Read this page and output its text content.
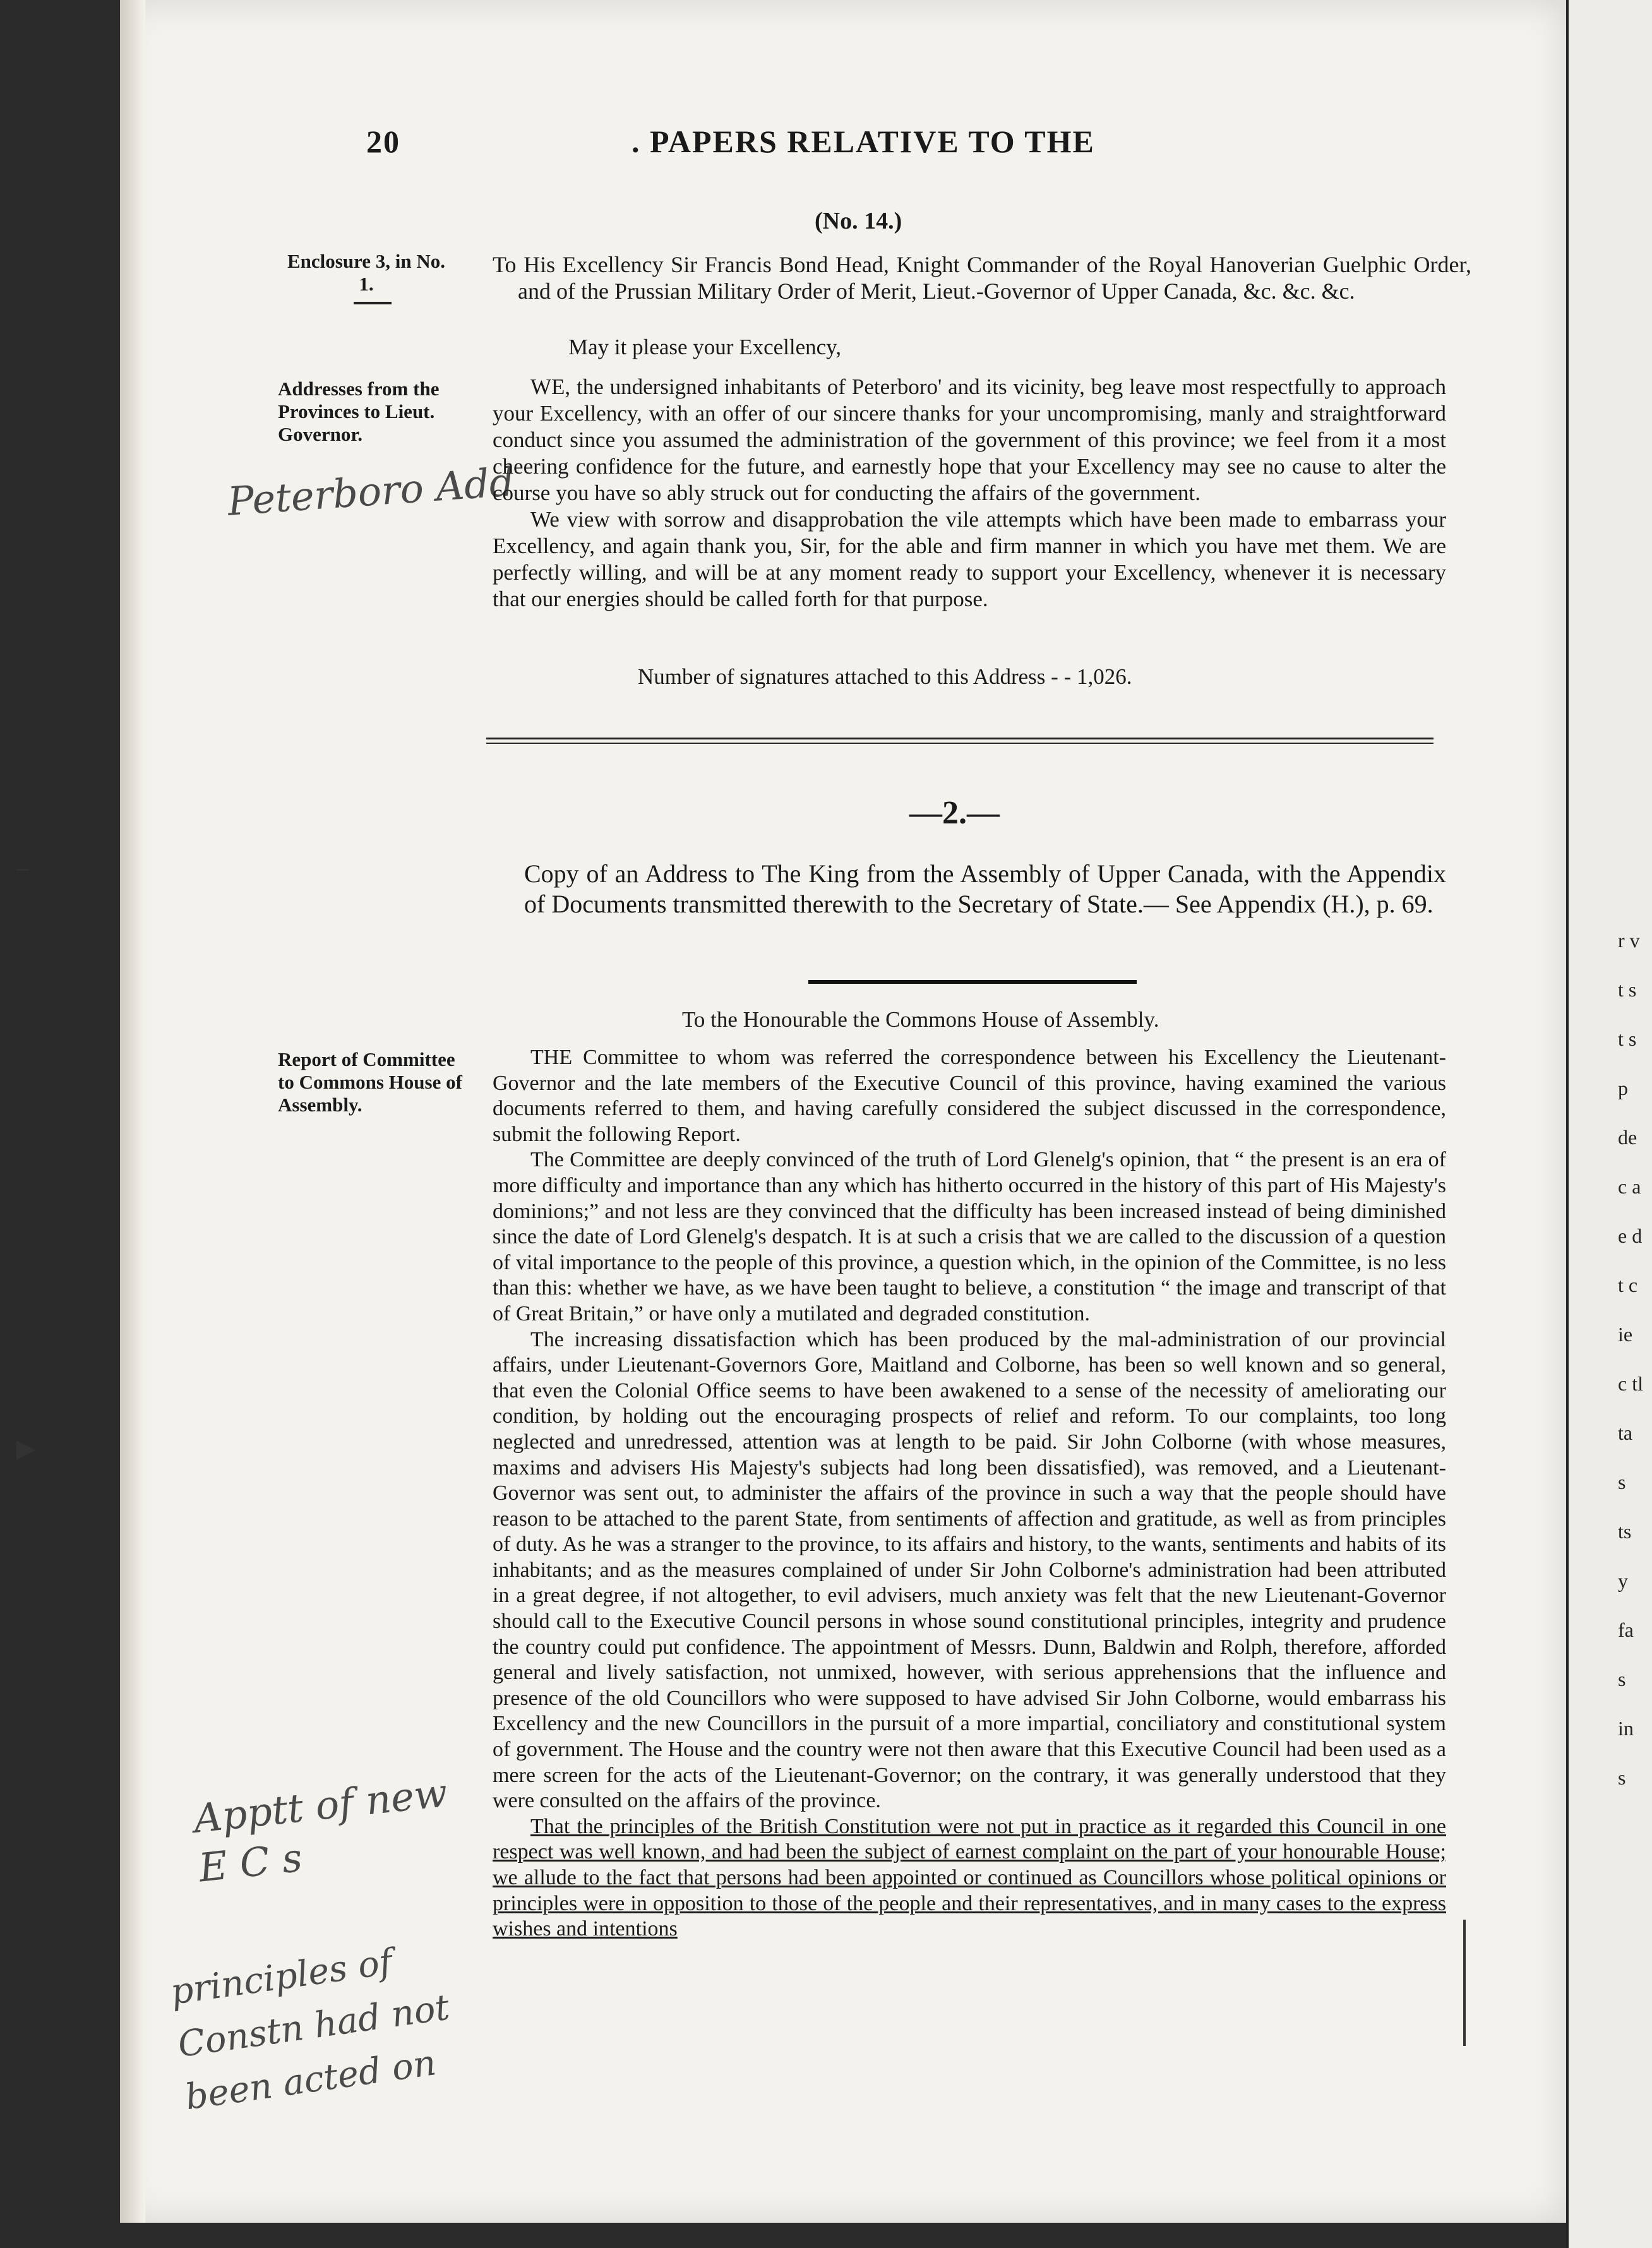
–
▶
r v t s t s p de c a e d t c ie c tl ta s ts y fa s in s
20	. PAPERS RELATIVE TO THE
(No. 14.)
Enclosure 3, in No. 1.
Addresses from the Provinces to Lieut. Governor.
Peterboro Add
To His Excellency Sir Francis Bond Head, Knight Commander of the Royal Hanoverian Guelphic Order, and of the Prussian Military Order of Merit, Lieut.-Governor of Upper Canada, &c. &c. &c.
May it please your Excellency,

WE, the undersigned inhabitants of Peterboro' and its vicinity, beg leave most respectfully to approach your Excellency, with an offer of our sincere thanks for your uncompromising, manly and straightforward conduct since you assumed the administration of the government of this province; we feel from it a most cheering confidence for the future, and earnestly hope that your Excellency may see no cause to alter the course you have so ably struck out for conducting the affairs of the government.

We view with sorrow and disapprobation the vile attempts which have been made to embarrass your Excellency, and again thank you, Sir, for the able and firm manner in which you have met them. We are perfectly willing, and will be at any moment ready to support your Excellency, whenever it is necessary that our energies should be called forth for that purpose.

Number of signatures attached to this Address - - 1,026.
—2.—
Copy of an Address to The King from the Assembly of Upper Canada, with the Appendix of Documents transmitted therewith to the Secretary of State.— See Appendix (H.), p. 69.
To the Honourable the Commons House of Assembly.
Report of Committee to Commons House of Assembly.

THE Committee to whom was referred the correspondence between his Excellency the Lieutenant-Governor and the late members of the Executive Council of this province, having examined the various documents referred to them, and having carefully considered the subject discussed in the correspondence, submit the following Report.

The Committee are deeply convinced of the truth of Lord Glenelg's opinion, that “ the present is an era of more difficulty and importance than any which has hitherto occurred in the history of this part of His Majesty's dominions;” and not less are they convinced that the difficulty has been increased instead of being diminished since the date of Lord Glenelg's despatch. It is at such a crisis that we are called to the discussion of a question of vital importance to the people of this province, a question which, in the opinion of the Committee, is no less than this: whether we have, as we have been taught to believe, a constitution “ the image and transcript of that of Great Britain,” or have only a mutilated and degraded constitution.

The increasing dissatisfaction which has been produced by the mal-administration of our provincial affairs, under Lieutenant-Governors Gore, Maitland and Colborne, has been so well known and so general, that even the Colonial Office seems to have been awakened to a sense of the necessity of ameliorating our condition, by holding out the encouraging prospects of relief and reform. To our complaints, too long neglected and unredressed, attention was at length to be paid. Sir John Colborne (with whose measures, maxims and advisers His Majesty's subjects had long been dissatisfied), was removed, and a Lieutenant-Governor was sent out, to administer the affairs of the province in such a way that the people should have reason to be attached to the parent State, from sentiments of affection and gratitude, as well as from principles of duty. As he was a stranger to the province, to its affairs and history, to the wants, sentiments and habits of its inhabitants; and as the measures complained of under Sir John Colborne's administration had been attributed in a great degree, if not altogether, to evil advisers, much anxiety was felt that the new Lieutenant-Governor should call to the Executive Council persons in whose sound constitutional principles, integrity and prudence the country could put confidence. The appointment of Messrs. Dunn, Baldwin and Rolph, therefore, afforded general and lively satisfaction, not unmixed, however, with serious apprehensions that the influence and presence of the old Councillors who were supposed to have advised Sir John Colborne, would embarrass his Excellency and the new Councillors in the pursuit of a more impartial, conciliatory and constitutional system of government. The House and the country were not then aware that this Executive Council had been used as a mere screen for the acts of the Lieutenant-Governor; on the contrary, it was generally understood that they were consulted on the affairs of the province.

That the principles of the British Constitution were not put in practice as it regarded this Council in one respect was well known, and had been the subject of earnest complaint on the part of your honourable House; we allude to the fact that persons had been appointed or continued as Councillors whose political opinions or principles were in opposition to those of the people and their representatives, and in many cases to the express wishes and intentions

Apptt of new E C s
principles of Constn had not been acted on
